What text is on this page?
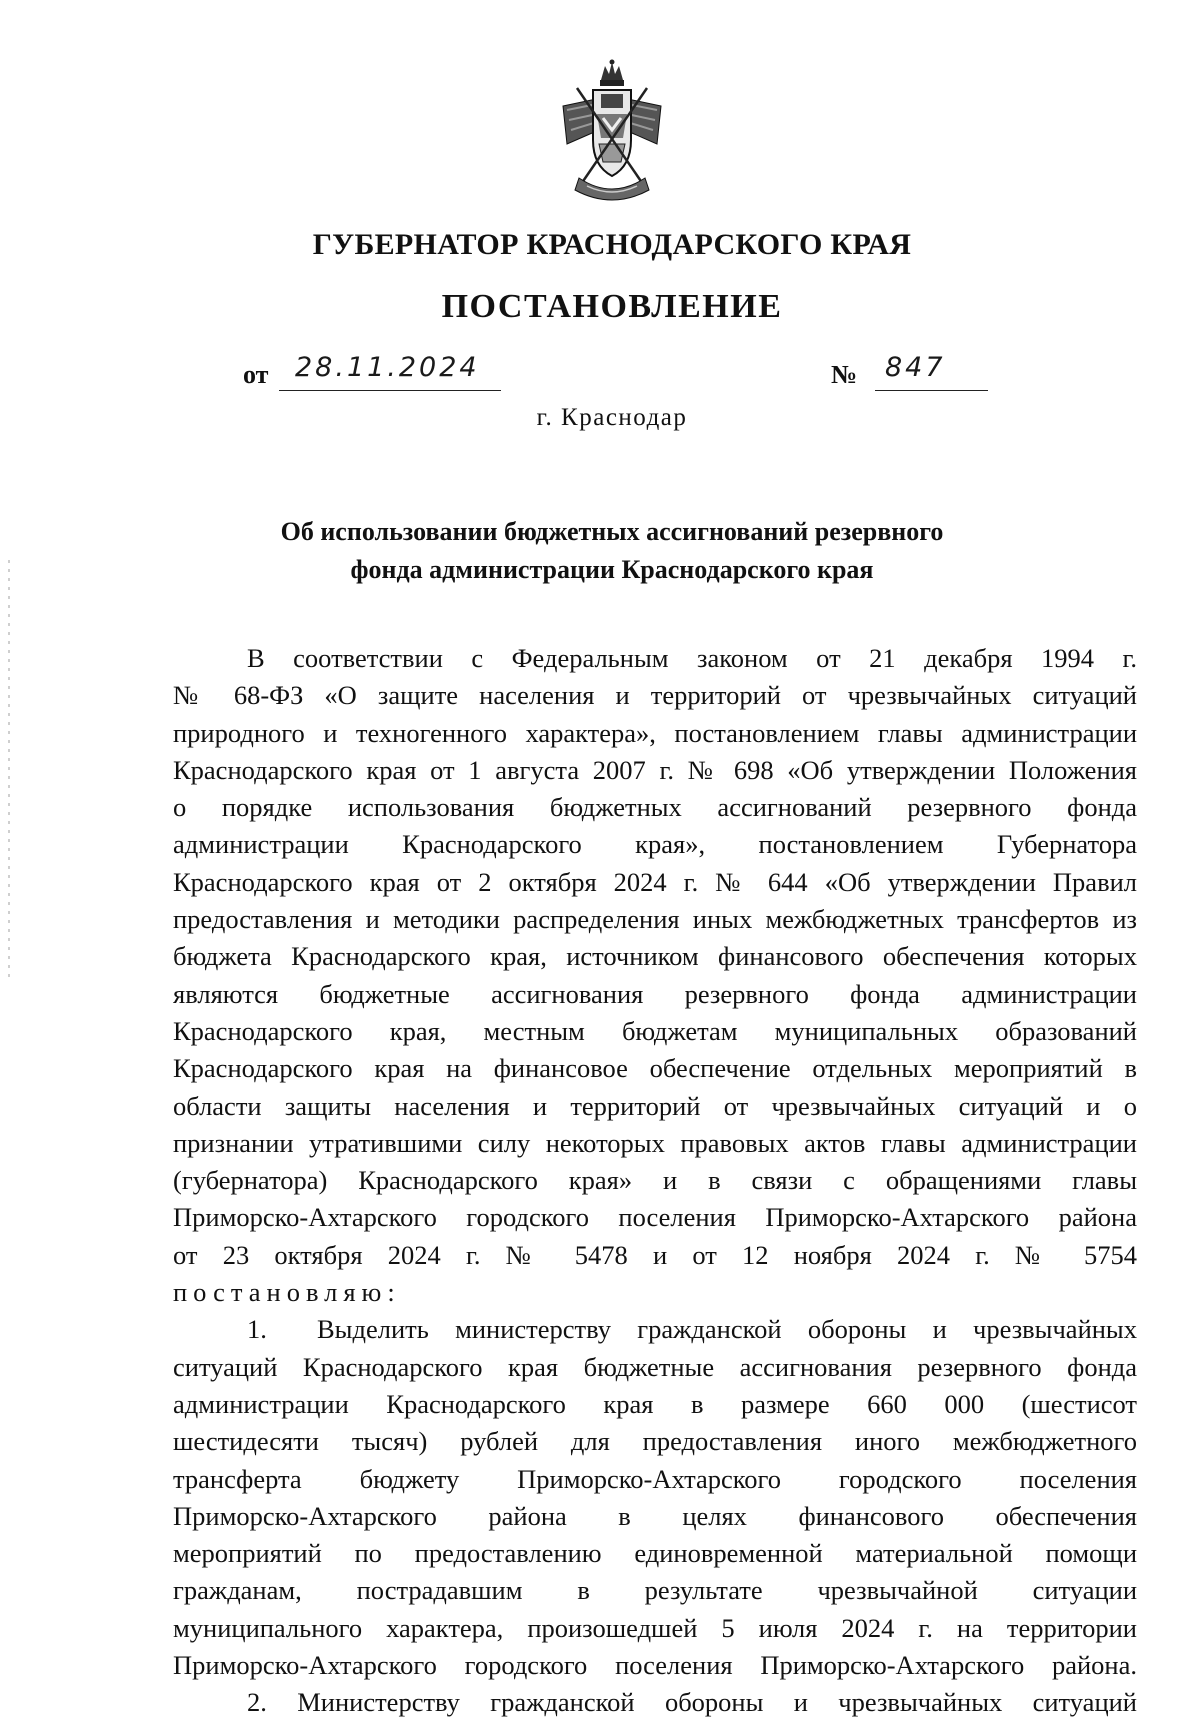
ГУБЕРНАТОР КРАСНОДАРСКОГО КРАЯ
ПОСТАНОВЛЕНИЕ
от 28.11.2024	№ 847
г. Краснодар
Об использовании бюджетных ассигнований резервного
фонда администрации Краснодарского края

В соответствии с Федеральным законом от 21 декабря 1994 г.

№ 68-ФЗ «О защите населения и территорий от чрезвычайных ситуаций

природного и техногенного характера», постановлением главы администрации

Краснодарского края от 1 августа 2007 г. № 698 «Об утверждении Положения

о порядке использования бюджетных ассигнований резервного фонда

администрации Краснодарского края», постановлением Губернатора

Краснодарского края от 2 октября 2024 г. № 644 «Об утверждении Правил

предоставления и методики распределения иных межбюджетных трансфертов из

бюджета Краснодарского края, источником финансового обеспечения которых

являются бюджетные ассигнования резервного фонда администрации

Краснодарского края, местным бюджетам муниципальных образований

Краснодарского края на финансовое обеспечение отдельных мероприятий в

области защиты населения и территорий от чрезвычайных ситуаций и о

признании утратившими силу некоторых правовых актов главы администрации

(губернатора) Краснодарского края» и в связи с обращениями главы

Приморско-Ахтарского городского поселения Приморско-Ахтарского района

от 23 октября 2024 г. № 5478 и от 12 ноября 2024 г. № 5754

постановляю:

1. Выделить министерству гражданской обороны и чрезвычайных

ситуаций Краснодарского края бюджетные ассигнования резервного фонда

администрации Краснодарского края в размере 660 000 (шестисот

шестидесяти тысяч) рублей для предоставления иного межбюджетного

трансферта бюджету Приморско-Ахтарского городского поселения

Приморско-Ахтарского района в целях финансового обеспечения

мероприятий по предоставлению единовременной материальной помощи

гражданам, пострадавшим в результате чрезвычайной ситуации

муниципального характера, произошедшей 5 июля 2024 г. на территории

Приморско-Ахтарского городского поселения Приморско-Ахтарского района.

2. Министерству гражданской обороны и чрезвычайных ситуаций
